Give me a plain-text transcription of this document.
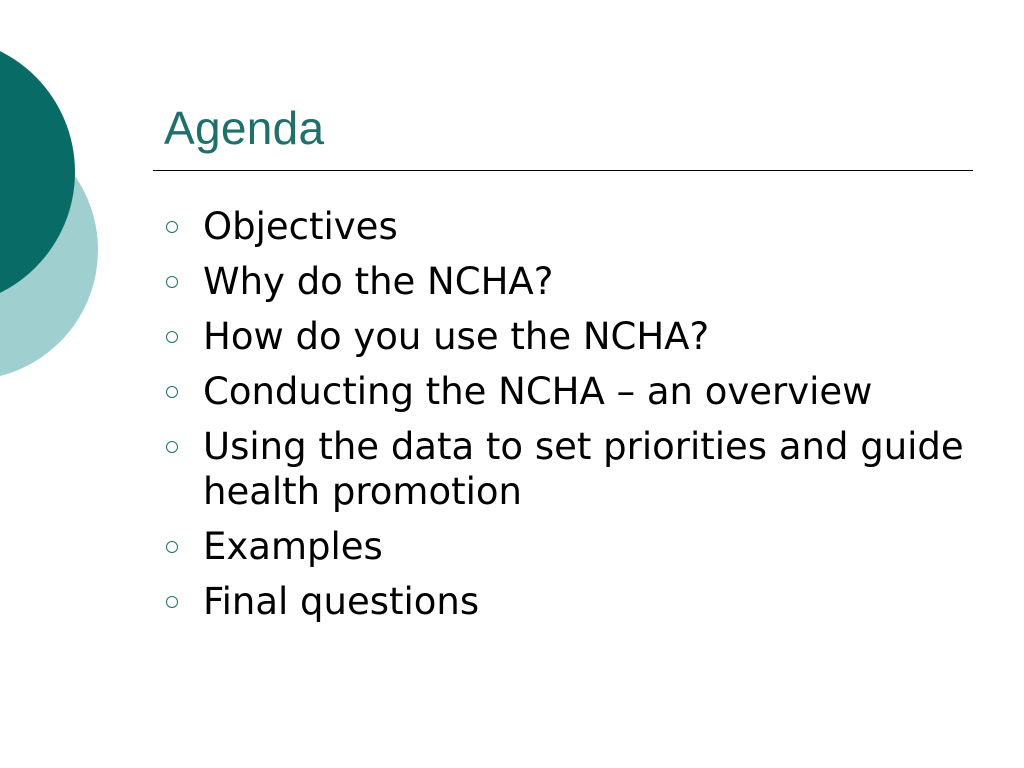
Agenda
Objectives
Why do the NCHA?
How do you use the NCHA?
Conducting the NCHA – an overview
Using the data to set priorities and guide health promotion
Examples
Final questions
